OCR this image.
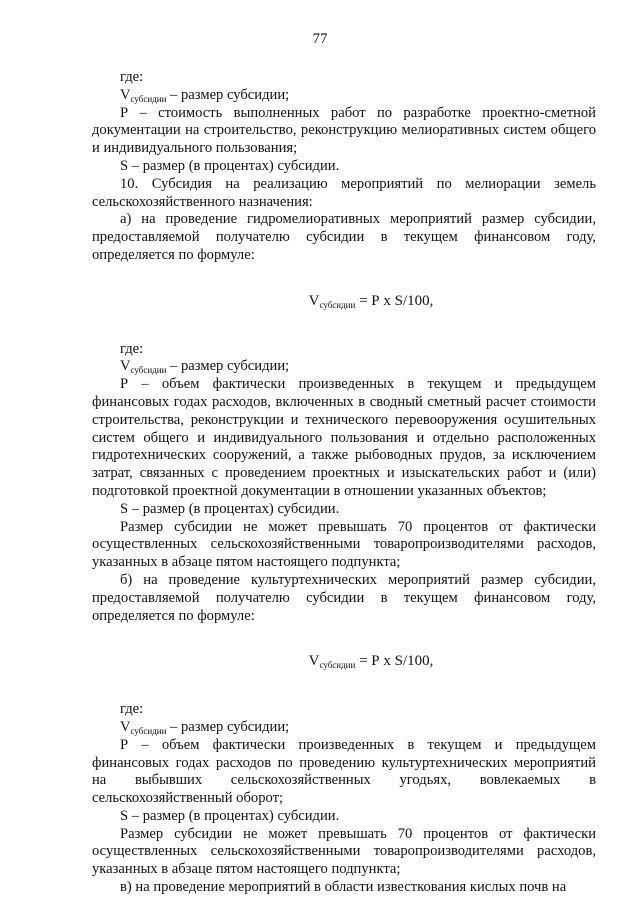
77

где:

$V_{субсидии}$ – размер субсидии;

Р – стоимость выполненных работ по разработке проектно-сметной документации на строительство, реконструкцию мелиоративных систем общего и индивидуального пользования;

S – размер (в процентах) субсидии.

10. Субсидия на реализацию мероприятий по мелиорации земель сельскохозяйственного назначения:

а) на проведение гидромелиоративных мероприятий размер субсидии, предоставляемой получателю субсидии в текущем финансовом году, определяется по формуле:

$V_{субсидии} = Р$ х S/100,

где:

$V_{субсидии}$ – размер субсидии;

Р – объем фактически произведенных в текущем и предыдущем финансовых годах расходов, включенных в сводный сметный расчет стоимости строительства, реконструкции и технического перевооружения осушительных систем общего и индивидуального пользования и отдельно расположенных гидротехнических сооружений, а также рыбоводных прудов, за исключением затрат, связанных с проведением проектных и изыскательских работ и (или) подготовкой проектной документации в отношении указанных объектов;

S – размер (в процентах) субсидии.

Размер субсидии не может превышать 70 процентов от фактически осуществленных сельскохозяйственными товаропроизводителями расходов, указанных в абзаце пятом настоящего подпункта;

б) на проведение культуртехнических мероприятий размер субсидии, предоставляемой получателю субсидии в текущем финансовом году, определяется по формуле:

$V_{субсидии} = Р$ х S/100,

где:

$V_{субсидии}$ – размер субсидии;

Р – объем фактически произведенных в текущем и предыдущем финансовых годах расходов по проведению культуртехнических мероприятий на выбывших сельскохозяйственных угодьях, вовлекаемых в сельскохозяйственный оборот;

S – размер (в процентах) субсидии.

Размер субсидии не может превышать 70 процентов от фактически осуществленных сельскохозяйственными товаропроизводителями расходов, указанных в абзаце пятом настоящего подпункта;

в) на проведение мероприятий в области известкования кислых почв на
